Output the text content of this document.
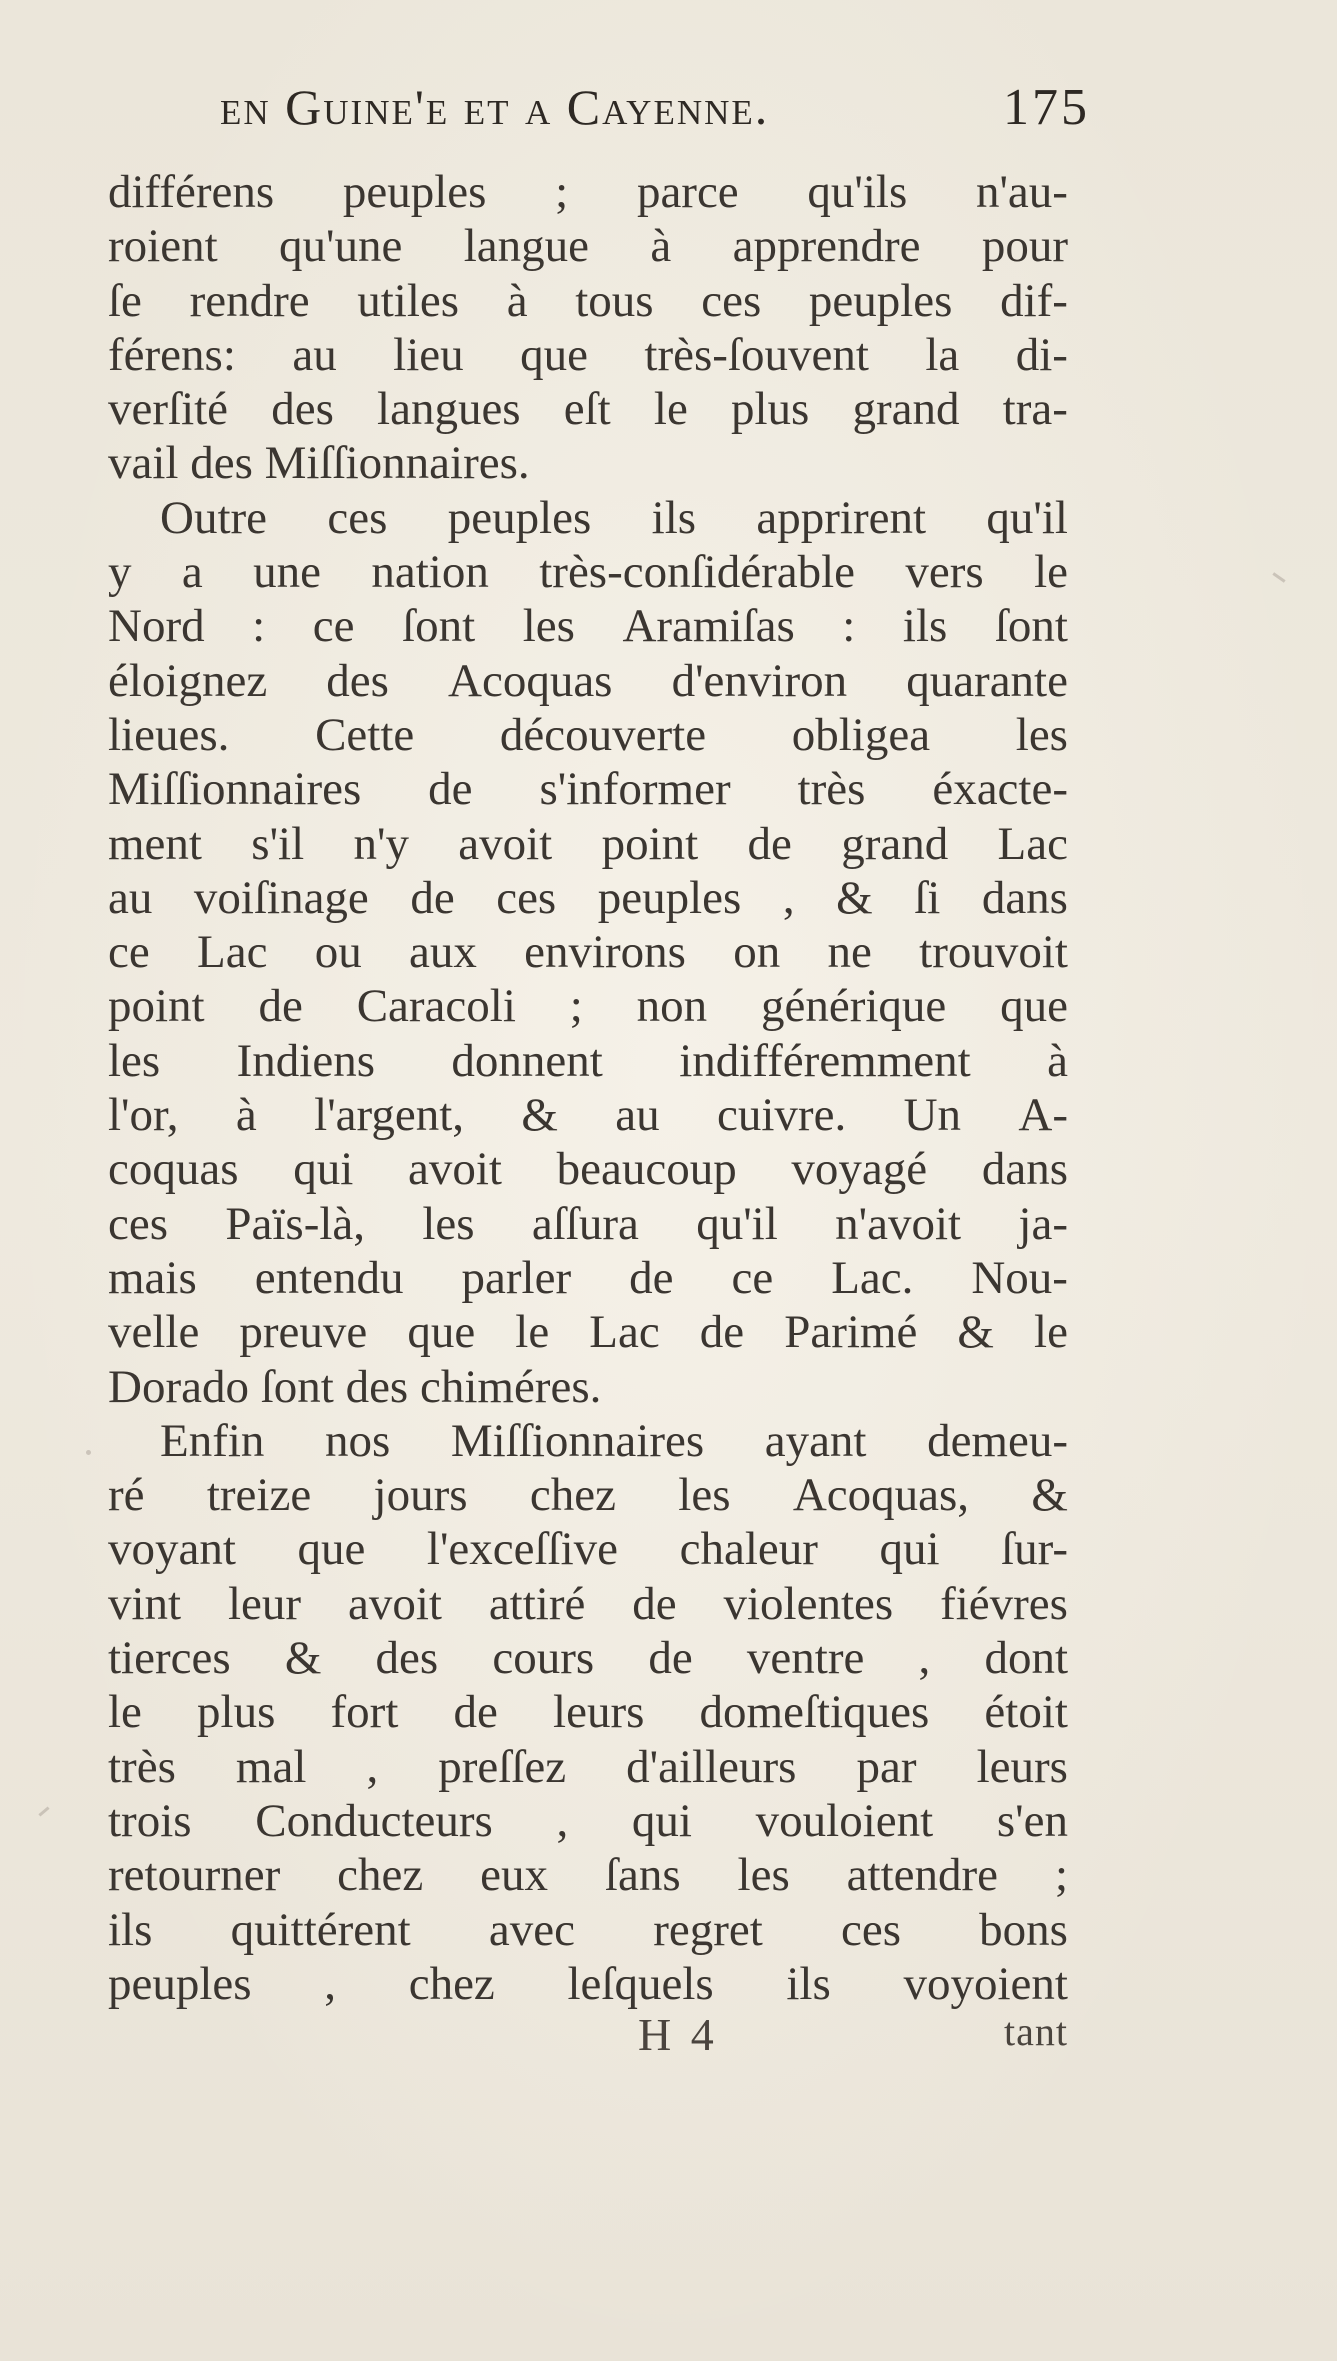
en Guine'e et a Cayenne.	175
différens peuples ; parce qu'ils n'au-
roient qu'une langue à apprendre pour
ſe rendre utiles à tous ces peuples dif-
férens: au lieu que très-ſouvent la di-
verſité des langues eſt le plus grand tra-
vail des Miſſionnaires.
Outre ces peuples ils apprirent qu'il
y a une nation très-conſidérable vers le
Nord : ce ſont les Aramiſas : ils ſont
éloignez des Acoquas d'environ quarante
lieues. Cette découverte obligea les
Miſſionnaires de s'informer très éxacte-
ment s'il n'y avoit point de grand Lac
au voiſinage de ces peuples , & ſi dans
ce Lac ou aux environs on ne trouvoit
point de Caracoli ; non générique que
les Indiens donnent indifféremment à
l'or, à l'argent, & au cuivre. Un A-
coquas qui avoit beaucoup voyagé dans
ces Païs-là, les aſſura qu'il n'avoit ja-
mais entendu parler de ce Lac. Nou-
velle preuve que le Lac de Parimé & le
Dorado ſont des chiméres.
Enfin nos Miſſionnaires ayant demeu-
ré treize jours chez les Acoquas, &
voyant que l'exceſſive chaleur qui ſur-
vint leur avoit attiré de violentes fiévres
tierces & des cours de ventre , dont
le plus fort de leurs domeſtiques étoit
très mal , preſſez d'ailleurs par leurs
trois Conducteurs , qui vouloient s'en
retourner chez eux ſans les attendre ;
ils quittérent avec regret ces bons
peuples , chez leſquels ils voyoient
H 4	tant
